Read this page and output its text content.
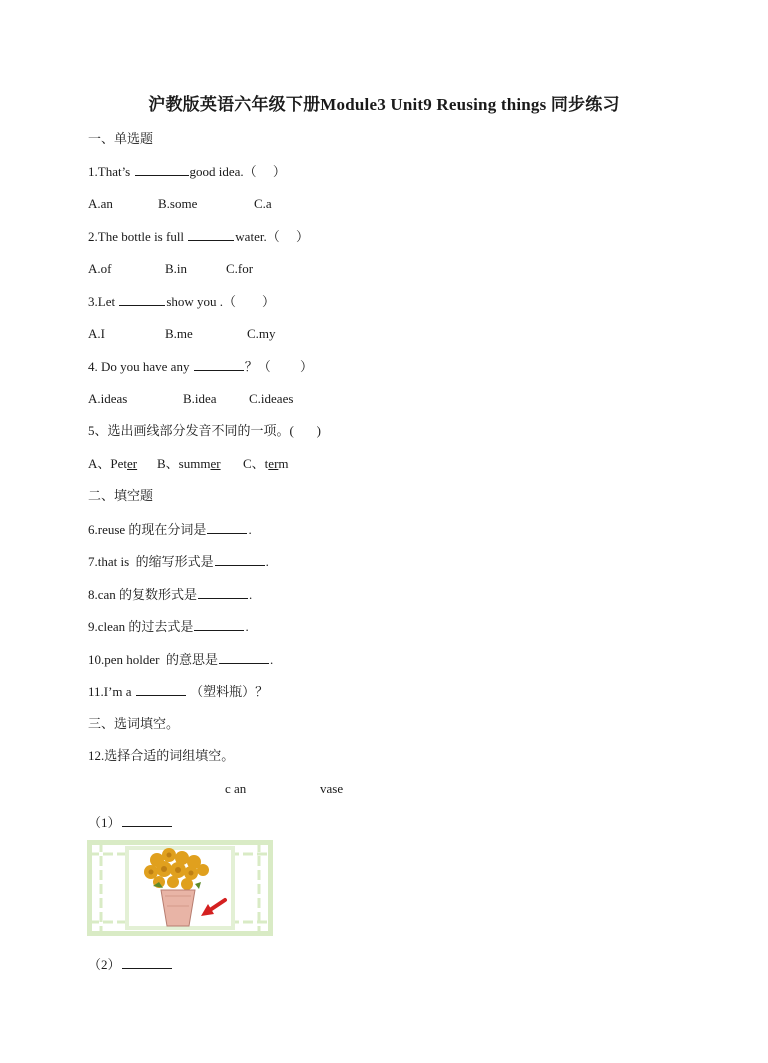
沪教版英语六年级下册Module3 Unit9 Reusing things 同步练习
一、单选题
1.That’s	good idea.（     ）
A.an	B.some	C.a
2.The bottle is full	water.（     ）
A.of	B.in	C.for
3.Let	show you .（        ）
A.I	B.me	C.my
4. Do you have any	？（         ）
A.ideas	B.idea C.ideaes
5、选出画线部分发音不同的一项。(       )
A、Peter B、summer C、term
二、填空题
6.reuse 的现在分词是	.
7.that is  的缩写形式是	.
8.can 的复数形式是	.
9.clean 的过去式是	.
10.pen holder  的意思是	.
11.I’m a	（塑料瓶）？
三、选词填空。
12.选择合适的词组填空。
c an	vase
（1）
（2）
